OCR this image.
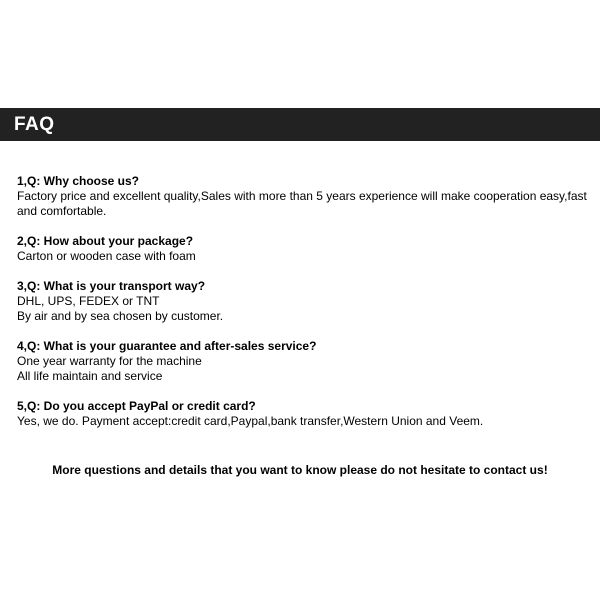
FAQ

1,Q: Why choose us?

Factory price and excellent quality,Sales with more than 5 years experience will make cooperation easy,fast and comfortable.

2,Q: How about your package?

Carton or wooden case with foam

3,Q: What is your transport way?

DHL, UPS, FEDEX or TNT

By air and by sea chosen by customer.

4,Q: What is your guarantee and after-sales service?

One year warranty for the machine

All life maintain and service

5,Q: Do you accept PayPal or credit card?

Yes, we do. Payment accept:credit card,Paypal,bank transfer,Western Union and Veem.

More questions and details that you want to know please do not hesitate to contact us!
